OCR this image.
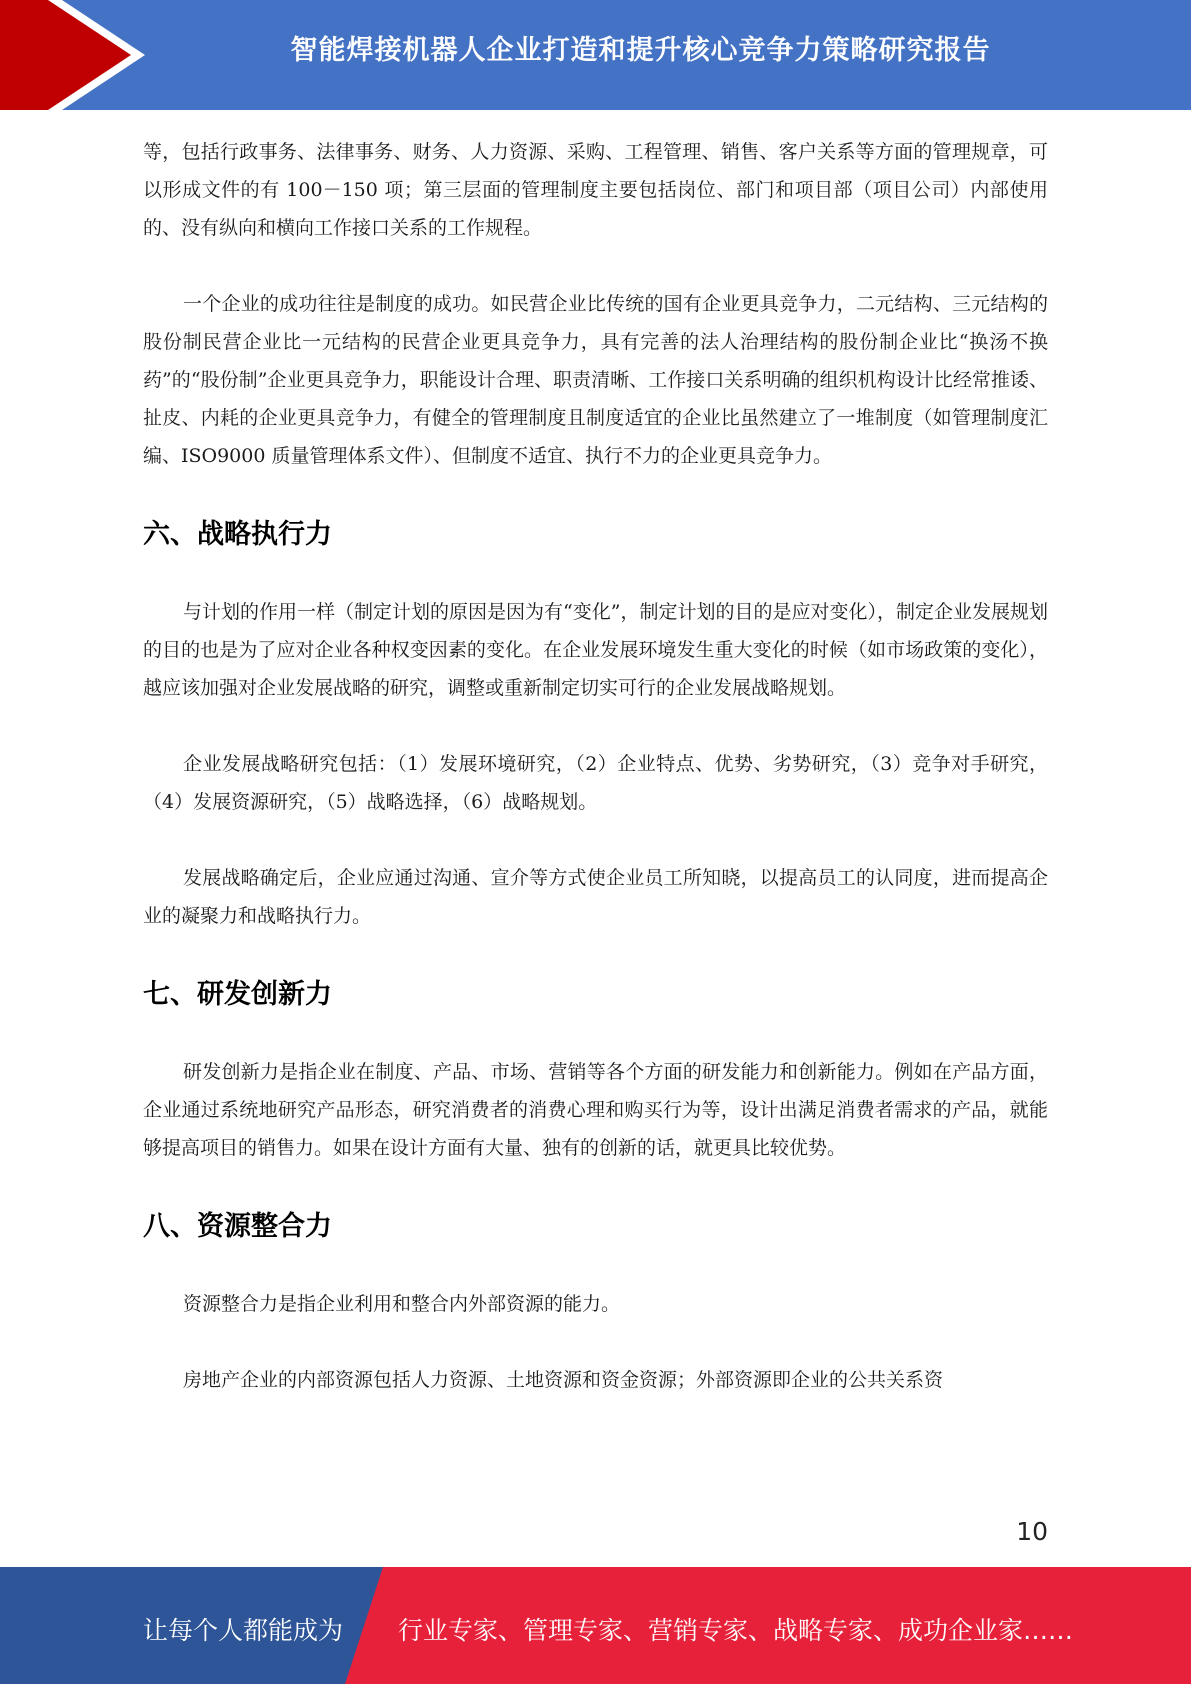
智能焊接机器人企业打造和提升核心竞争力策略研究报告

等，包括行政事务、法律事务、财务、人力资源、采购、工程管理、销售、客户关系等方面的管理规章，可以形成文件的有 100－150 项；第三层面的管理制度主要包括岗位、部门和项目部（项目公司）内部使用的、没有纵向和横向工作接口关系的工作规程。

一个企业的成功往往是制度的成功。如民营企业比传统的国有企业更具竞争力，二元结构、三元结构的股份制民营企业比一元结构的民营企业更具竞争力，具有完善的法人治理结构的股份制企业比“换汤不换药”的“股份制”企业更具竞争力，职能设计合理、职责清晰、工作接口关系明确的组织机构设计比经常推诿、扯皮、内耗的企业更具竞争力，有健全的管理制度且制度适宜的企业比虽然建立了一堆制度（如管理制度汇编、ISO9000 质量管理体系文件）、但制度不适宜、执行不力的企业更具竞争力。

六、战略执行力

与计划的作用一样（制定计划的原因是因为有“变化”，制定计划的目的是应对变化），制定企业发展规划的目的也是为了应对企业各种权变因素的变化。在企业发展环境发生重大变化的时候（如市场政策的变化），越应该加强对企业发展战略的研究，调整或重新制定切实可行的企业发展战略规划。

企业发展战略研究包括：（1）发展环境研究，（2）企业特点、优势、劣势研究，（3）竞争对手研究，（4）发展资源研究，（5）战略选择，（6）战略规划。

发展战略确定后，企业应通过沟通、宣介等方式使企业员工所知晓，以提高员工的认同度，进而提高企业的凝聚力和战略执行力。

七、研发创新力

研发创新力是指企业在制度、产品、市场、营销等各个方面的研发能力和创新能力。例如在产品方面，企业通过系统地研究产品形态，研究消费者的消费心理和购买行为等，设计出满足消费者需求的产品，就能够提高项目的销售力。如果在设计方面有大量、独有的创新的话，就更具比较优势。

八、资源整合力

资源整合力是指企业利用和整合内外部资源的能力。

房地产企业的内部资源包括人力资源、土地资源和资金资源；外部资源即企业的公共关系资

10
让每个人都能成为 行业专家、管理专家、营销专家、战略专家、成功企业家……
